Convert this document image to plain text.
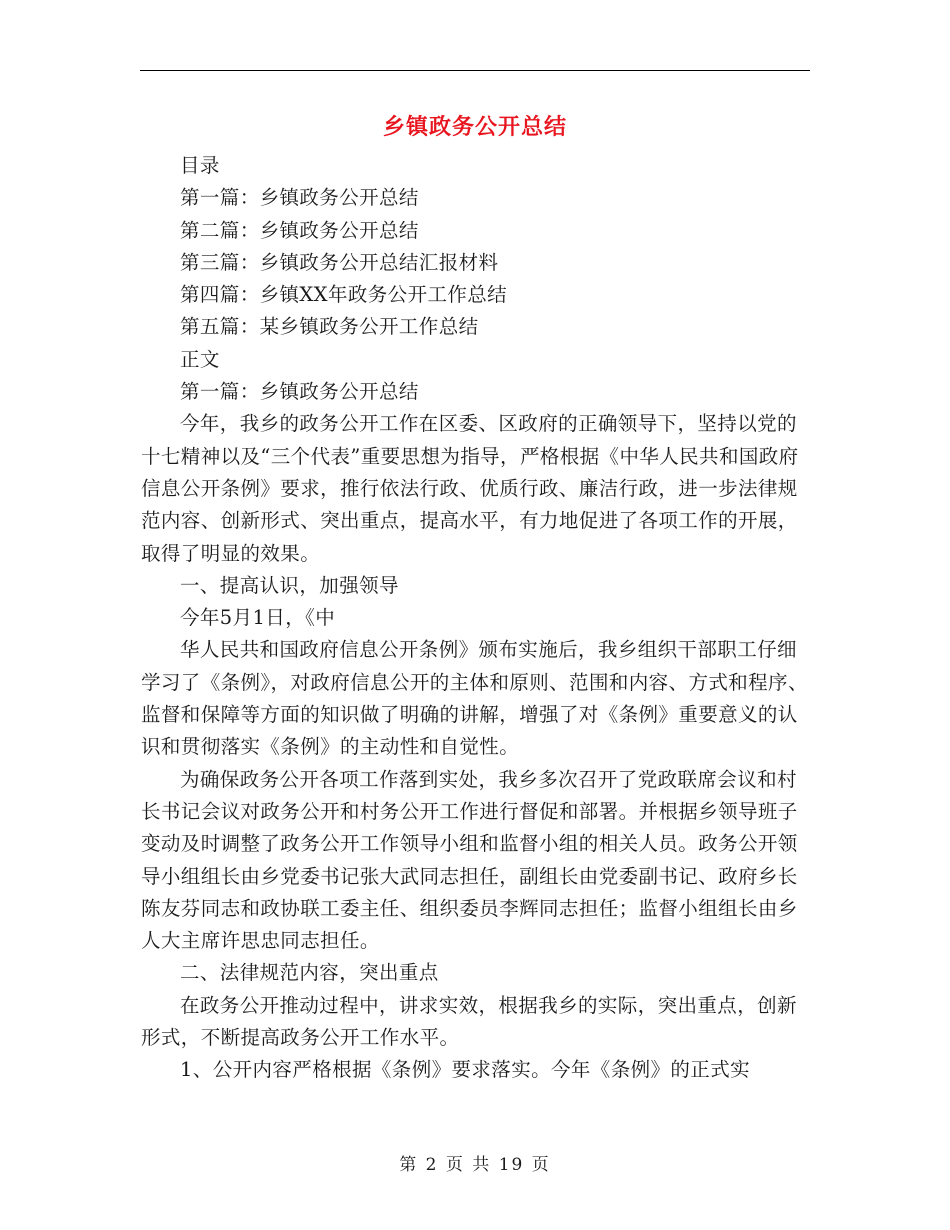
乡镇政务公开总结

目录

第一篇：乡镇政务公开总结

第二篇：乡镇政务公开总结

第三篇：乡镇政务公开总结汇报材料

第四篇：乡镇XX年政务公开工作总结

第五篇：某乡镇政务公开工作总结

正文

第一篇：乡镇政务公开总结

今年，我乡的政务公开工作在区委、区政府的正确领导下，坚持以党的十七精神以及“三个代表”重要思想为指导，严格根据《中华人民共和国政府信息公开条例》要求，推行依法行政、优质行政、廉洁行政，进一步法律规范内容、创新形式、突出重点，提高水平，有力地促进了各项工作的开展，取得了明显的效果。

一、提高认识，加强领导

今年5月1日，《中

华人民共和国政府信息公开条例》颁布实施后，我乡组织干部职工仔细学习了《条例》，对政府信息公开的主体和原则、范围和内容、方式和程序、监督和保障等方面的知识做了明确的讲解，增强了对《条例》重要意义的认识和贯彻落实《条例》的主动性和自觉性。

为确保政务公开各项工作落到实处，我乡多次召开了党政联席会议和村长书记会议对政务公开和村务公开工作进行督促和部署。并根据乡领导班子变动及时调整了政务公开工作领导小组和监督小组的相关人员。政务公开领导小组组长由乡党委书记张大武同志担任，副组长由党委副书记、政府乡长陈友芬同志和政协联工委主任、组织委员李辉同志担任；监督小组组长由乡人大主席许思忠同志担任。

二、法律规范内容，突出重点

在政务公开推动过程中，讲求实效，根据我乡的实际，突出重点，创新形式，不断提高政务公开工作水平。

1、公开内容严格根据《条例》要求落实。今年《条例》的正式实

第 2 页 共 19 页
